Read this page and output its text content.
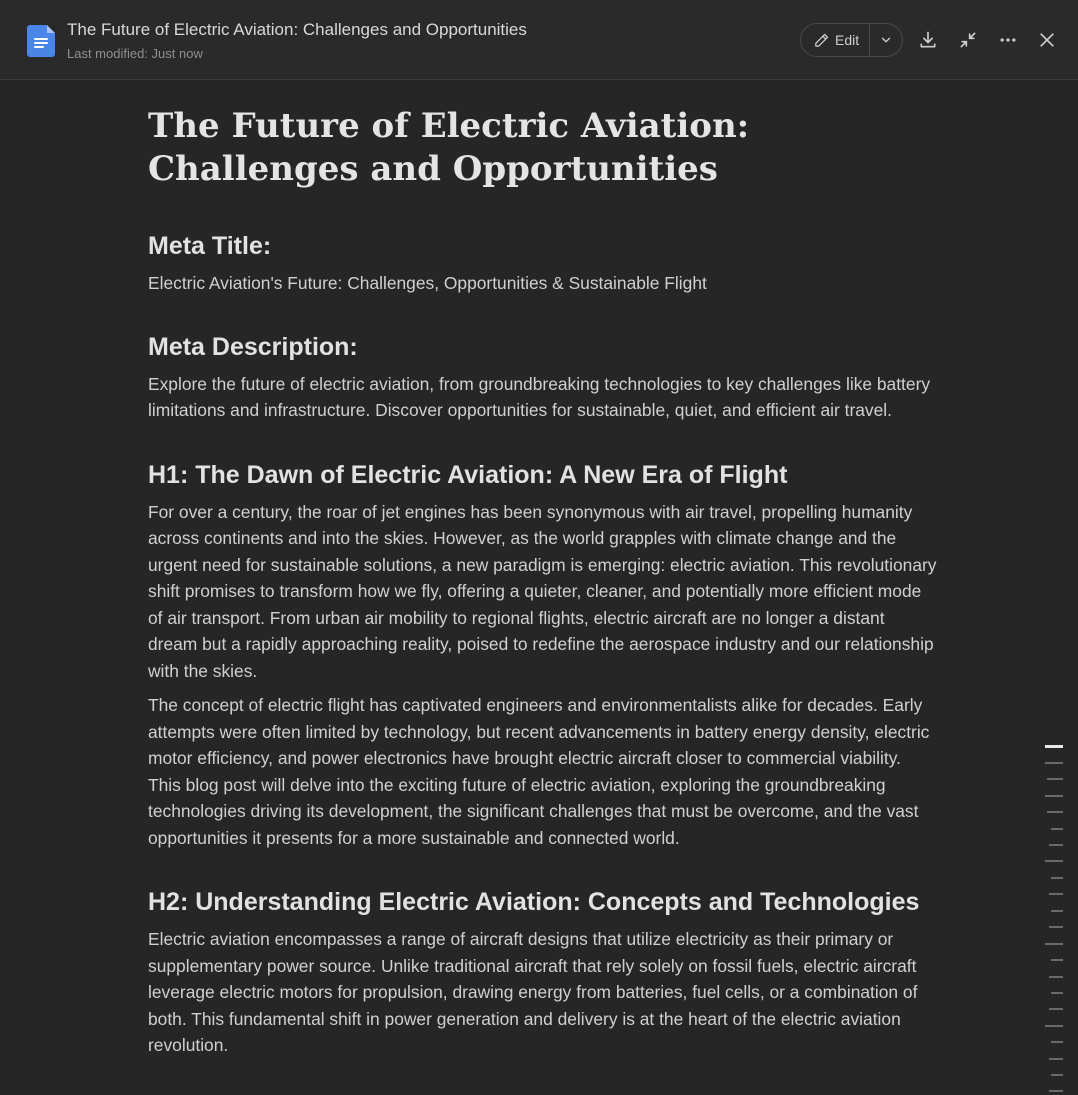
The Future of Electric Aviation: Challenges and Opportunities
Last modified: Just now
Edit
The Future of Electric Aviation: Challenges and Opportunities
Meta Title:

Electric Aviation's Future: Challenges, Opportunities & Sustainable Flight

Meta Description:

Explore the future of electric aviation, from groundbreaking technologies to key challenges like battery limitations and infrastructure. Discover opportunities for sustainable, quiet, and efficient air travel.

H1: The Dawn of Electric Aviation: A New Era of Flight

For over a century, the roar of jet engines has been synonymous with air travel, propelling humanity across continents and into the skies. However, as the world grapples with climate change and the urgent need for sustainable solutions, a new paradigm is emerging: electric aviation. This revolutionary shift promises to transform how we fly, offering a quieter, cleaner, and potentially more efficient mode of air transport. From urban air mobility to regional flights, electric aircraft are no longer a distant dream but a rapidly approaching reality, poised to redefine the aerospace industry and our relationship with the skies.

The concept of electric flight has captivated engineers and environmentalists alike for decades. Early attempts were often limited by technology, but recent advancements in battery energy density, electric motor efficiency, and power electronics have brought electric aircraft closer to commercial viability. This blog post will delve into the exciting future of electric aviation, exploring the groundbreaking technologies driving its development, the significant challenges that must be overcome, and the vast opportunities it presents for a more sustainable and connected world.

H2: Understanding Electric Aviation: Concepts and Technologies

Electric aviation encompasses a range of aircraft designs that utilize electricity as their primary or supplementary power source. Unlike traditional aircraft that rely solely on fossil fuels, electric aircraft leverage electric motors for propulsion, drawing energy from batteries, fuel cells, or a combination of both. This fundamental shift in power generation and delivery is at the heart of the electric aviation revolution.
